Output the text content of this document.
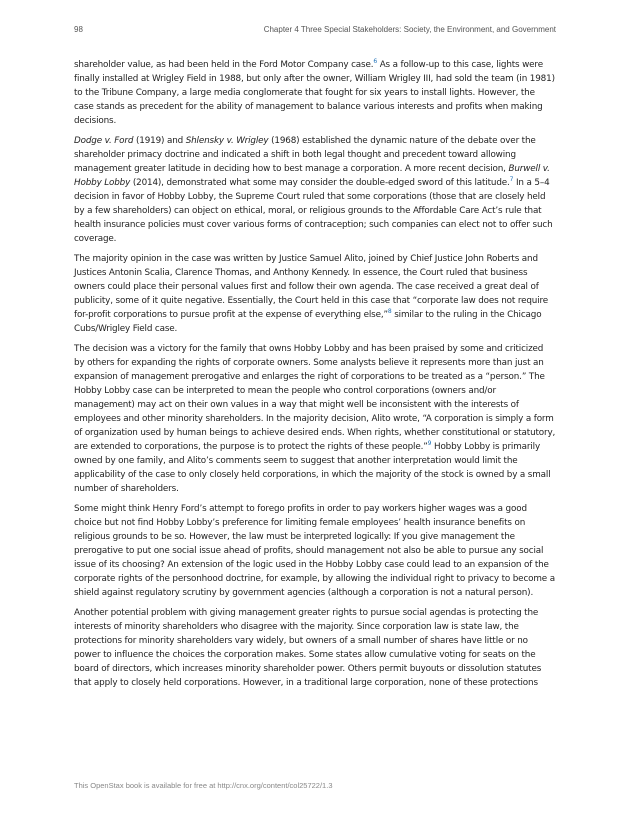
98	Chapter 4 Three Special Stakeholders: Society, the Environment, and Government

shareholder value, as had been held in the Ford Motor Company case.$^6$ As a follow-up to this case, lights were finally installed at Wrigley Field in 1988, but only after the owner, William Wrigley III, had sold the team (in 1981) to the Tribune Company, a large media conglomerate that fought for six years to install lights. However, the case stands as precedent for the ability of management to balance various interests and profits when making decisions.

Dodge v. Ford (1919) and Shlensky v. Wrigley (1968) established the dynamic nature of the debate over the shareholder primacy doctrine and indicated a shift in both legal thought and precedent toward allowing management greater latitude in deciding how to best manage a corporation. A more recent decision, Burwell v. Hobby Lobby (2014), demonstrated what some may consider the double-edged sword of this latitude.$^7$ In a 5–4 decision in favor of Hobby Lobby, the Supreme Court ruled that some corporations (those that are closely held by a few shareholders) can object on ethical, moral, or religious grounds to the Affordable Care Act’s rule that health insurance policies must cover various forms of contraception; such companies can elect not to offer such coverage.

The majority opinion in the case was written by Justice Samuel Alito, joined by Chief Justice John Roberts and Justices Antonin Scalia, Clarence Thomas, and Anthony Kennedy. In essence, the Court ruled that business owners could place their personal values first and follow their own agenda. The case received a great deal of publicity, some of it quite negative. Essentially, the Court held in this case that “corporate law does not require for-profit corporations to pursue profit at the expense of everything else,”$^8$ similar to the ruling in the Chicago Cubs/Wrigley Field case.

The decision was a victory for the family that owns Hobby Lobby and has been praised by some and criticized by others for expanding the rights of corporate owners. Some analysts believe it represents more than just an expansion of management prerogative and enlarges the right of corporations to be treated as a “person.” The Hobby Lobby case can be interpreted to mean the people who control corporations (owners and/or management) may act on their own values in a way that might well be inconsistent with the interests of employees and other minority shareholders. In the majority decision, Alito wrote, “A corporation is simply a form of organization used by human beings to achieve desired ends. When rights, whether constitutional or statutory, are extended to corporations, the purpose is to protect the rights of these people.”$^9$ Hobby Lobby is primarily owned by one family, and Alito’s comments seem to suggest that another interpretation would limit the applicability of the case to only closely held corporations, in which the majority of the stock is owned by a small number of shareholders.

Some might think Henry Ford’s attempt to forego profits in order to pay workers higher wages was a good choice but not find Hobby Lobby’s preference for limiting female employees’ health insurance benefits on religious grounds to be so. However, the law must be interpreted logically: If you give management the prerogative to put one social issue ahead of profits, should management not also be able to pursue any social issue of its choosing? An extension of the logic used in the Hobby Lobby case could lead to an expansion of the corporate rights of the personhood doctrine, for example, by allowing the individual right to privacy to become a shield against regulatory scrutiny by government agencies (although a corporation is not a natural person).

Another potential problem with giving management greater rights to pursue social agendas is protecting the interests of minority shareholders who disagree with the majority. Since corporation law is state law, the protections for minority shareholders vary widely, but owners of a small number of shares have little or no power to influence the choices the corporation makes. Some states allow cumulative voting for seats on the board of directors, which increases minority shareholder power. Others permit buyouts or dissolution statutes that apply to closely held corporations. However, in a traditional large corporation, none of these protections

This OpenStax book is available for free at http://cnx.org/content/col25722/1.3
